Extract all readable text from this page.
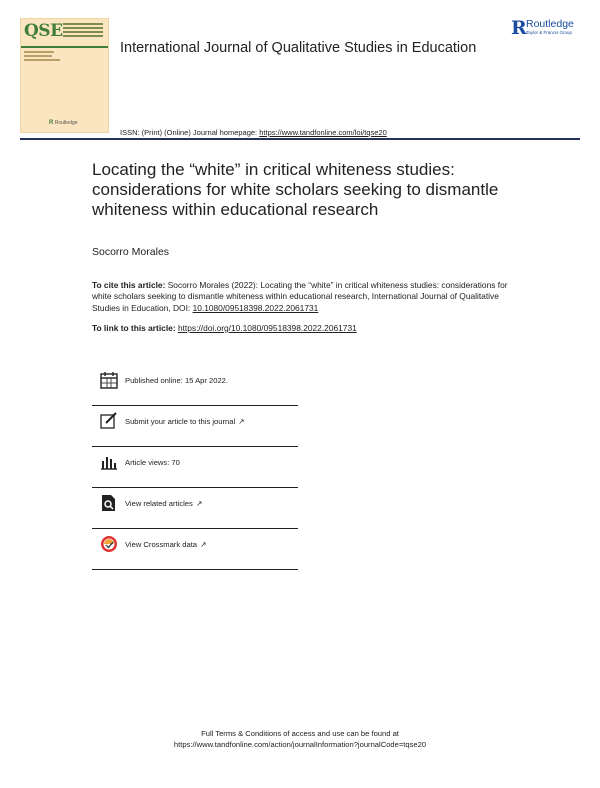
QSE
R Routledge
International Journal of Qualitative Studies in Education
R Routledge
Taylor & Francis Group
ISSN: (Print) (Online) Journal homepage: https://www.tandfonline.com/loi/tqse20
Locating the “white” in critical whiteness studies: considerations for white scholars seeking to dismantle whiteness within educational research
Socorro Morales
To cite this article: Socorro Morales (2022): Locating the “white” in critical whiteness studies: considerations for white scholars seeking to dismantle whiteness within educational research, International Journal of Qualitative Studies in Education, DOI: 10.1080/09518398.2022.2061731
To link to this article: https://doi.org/10.1080/09518398.2022.2061731
Published online: 15 Apr 2022.
Submit your article to this journal ↗
Article views: 70
View related articles ↗
View Crossmark data ↗
Full Terms & Conditions of access and use can be found at
https://www.tandfonline.com/action/journalInformation?journalCode=tqse20
